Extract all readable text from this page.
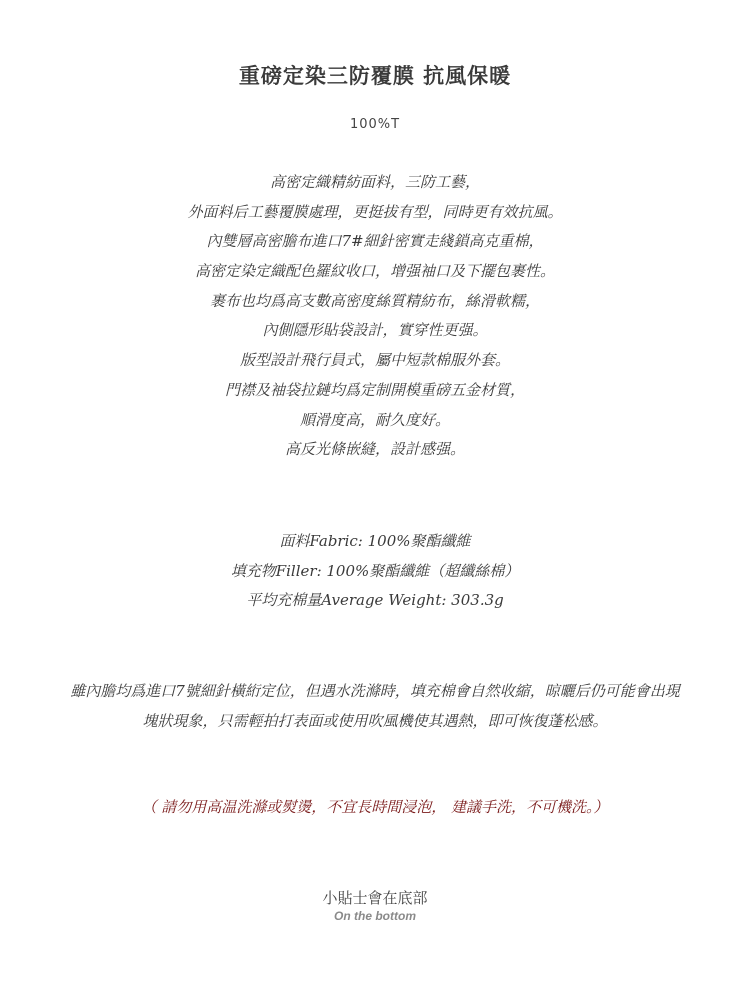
重磅定染三防覆膜 抗風保暖
100%T
高密定織精紡面料，三防工藝，
外面料后工藝覆膜處理，更挺拔有型，同時更有效抗風。
內雙層高密膽布進口7#細針密實走綫鎖高克重棉，
高密定染定織配色羅紋收口，增强袖口及下擺包裹性。
裹布也均爲高支數高密度絲質精紡布，絲滑軟糯，
內側隱形貼袋設計，實穿性更强。
版型設計飛行員式，屬中短款棉服外套。
門襟及袖袋拉鏈均爲定制開模重磅五金材質，
順滑度高，耐久度好。
高反光條嵌縫，設計感强。
面料Fabric: 100%聚酯纖維
填充物Filler: 100%聚酯纖維（超纖絲棉）
平均充棉量Average Weight: 303.3g
雖內膽均爲進口7號細針橫絎定位，但遇水洗滌時，填充棉會自然收縮，晾曬后仍可能會出現
塊狀現象，只需輕拍打表面或使用吹風機使其遇熱，即可恢復蓬松感。
（ 請勿用高温洗滌或熨燙，不宜長時間浸泡， 建議手洗，不可機洗。）
小貼士會在底部
On the bottom
